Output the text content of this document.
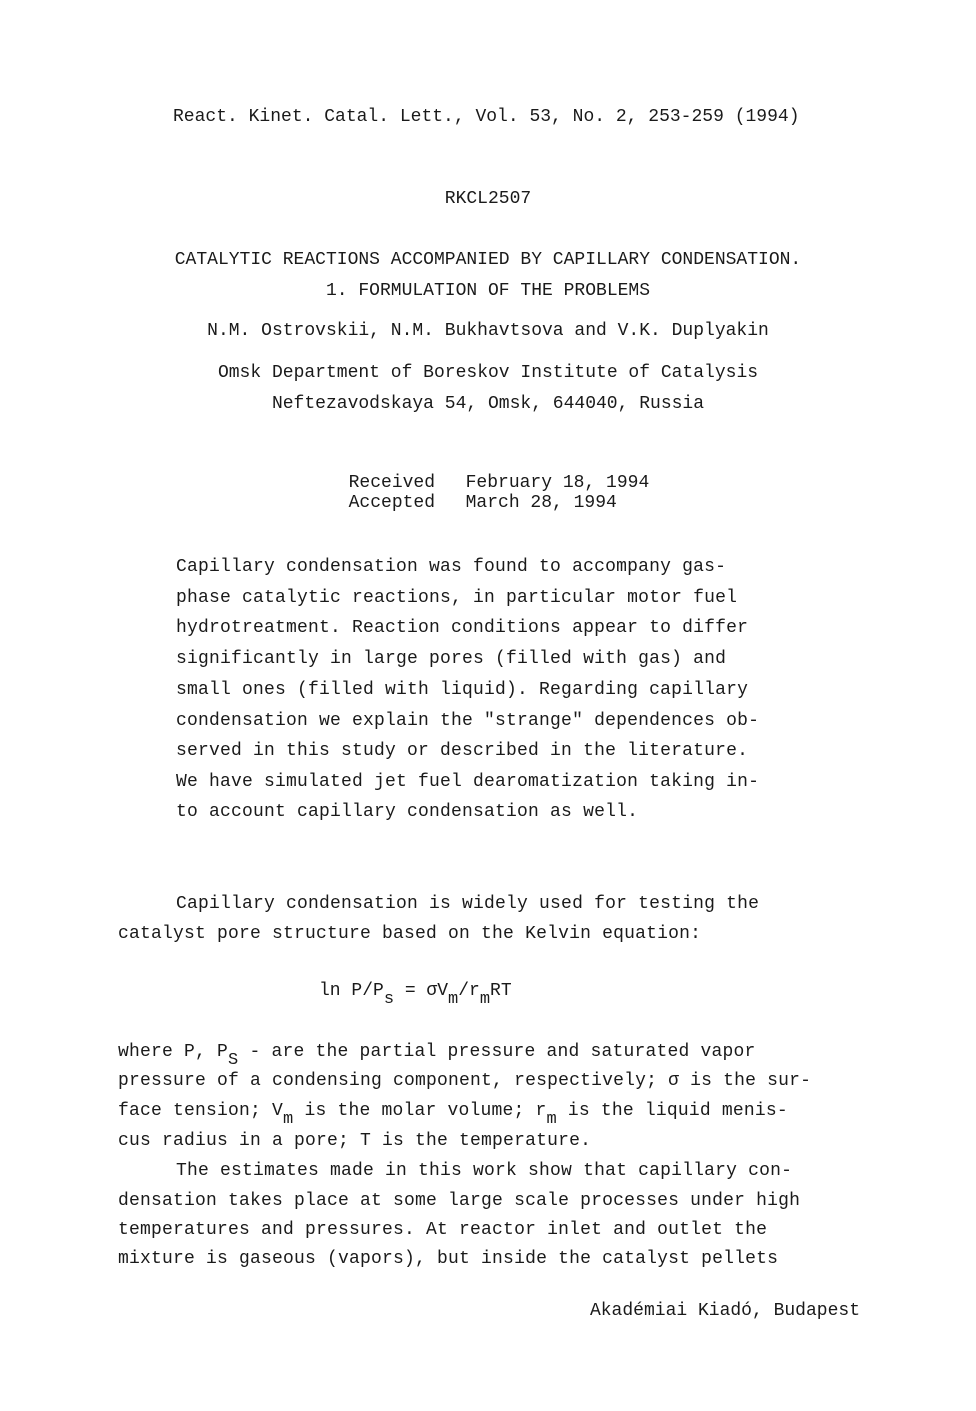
React. Kinet. Catal. Lett., Vol. 53, No. 2, 253-259 (1994)
RKCL2507
CATALYTIC REACTIONS ACCOMPANIED BY CAPILLARY CONDENSATION.
1. FORMULATION OF THE PROBLEMS
N.M. Ostrovskii, N.M. Bukhavtsova and V.K. Duplyakin
Omsk Department of Boreskov Institute of Catalysis
Neftezavodskaya 54, Omsk, 644040, Russia

Received February 18, 1994

Accepted March 28, 1994

Capillary condensation was found to accompany gas-
phase catalytic reactions, in particular motor fuel
hydrotreatment. Reaction conditions appear to differ
significantly in large pores (filled with gas) and
small ones (filled with liquid). Regarding capillary
condensation we explain the "strange" dependences ob-
served in this study or described in the literature.
We have simulated jet fuel dearomatization taking in-
to account capillary condensation as well.
Capillary condensation is widely used for testing the
catalyst pore structure based on the Kelvin equation:
$\ln P/P_s = \sigma V_m/r_mRT$
where P, $P_S$ - are the partial pressure and saturated vapor
pressure of a condensing component, respectively; σ is the sur-
face tension; $V_m$ is the molar volume; $r_m$ is the liquid menis-
cus radius in a pore; T is the temperature.
The estimates made in this work show that capillary con-
densation takes place at some large scale processes under high
temperatures and pressures. At reactor inlet and outlet the
mixture is gaseous (vapors), but inside the catalyst pellets
Akadémiai Kiadó, Budapest
